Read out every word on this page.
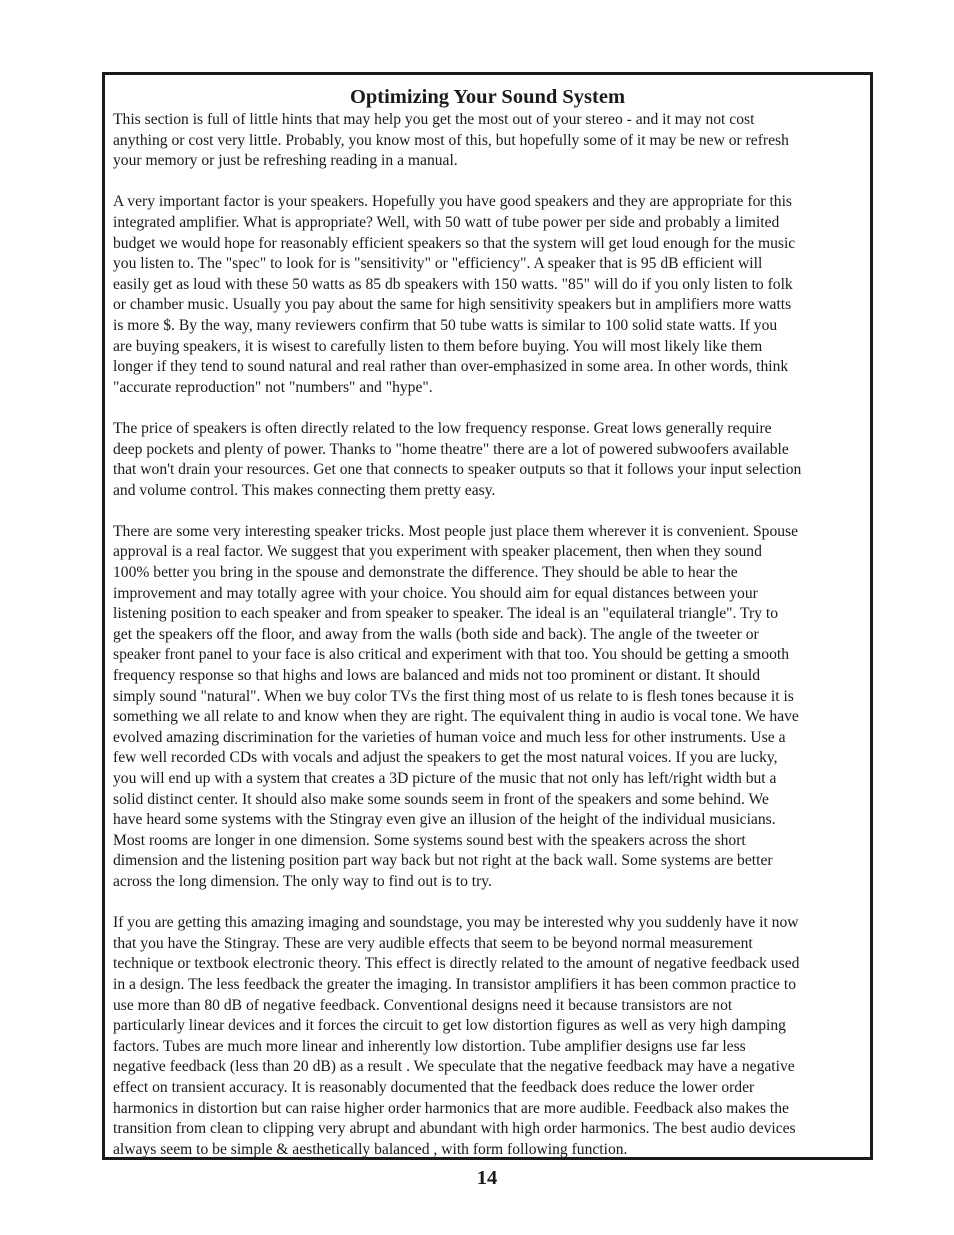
Optimizing Your Sound System

This section is full of little hints that may help you get the most out of your stereo - and it may not cost
anything or cost very little. Probably, you know most of this, but hopefully some of it may be new or refresh
your memory or just be refreshing reading in a manual.

A very important factor is your speakers. Hopefully you have good speakers and they are appropriate for this
integrated amplifier. What is appropriate? Well, with 50 watt of tube power per side and probably a limited
budget we would hope for reasonably efficient speakers so that the system will get loud enough for the music
you listen to. The "spec" to look for is "sensitivity" or "efficiency". A speaker that is 95 dB efficient will
easily get as loud with these 50 watts as 85 db speakers with 150 watts. "85" will do if you only listen to folk
or chamber music. Usually you pay about the same for high sensitivity speakers but in amplifiers more watts
is more $. By the way, many reviewers confirm that 50 tube watts is similar to 100 solid state watts. If you
are buying speakers, it is wisest to carefully listen to them before buying. You will most likely like them
longer if they tend to sound natural and real rather than over-emphasized in some area. In other words, think
"accurate reproduction" not "numbers" and "hype".

The price of speakers is often directly related to the low frequency response. Great lows generally require
deep pockets and plenty of power. Thanks to "home theatre" there are a lot of powered subwoofers available
that won't drain your resources. Get one that connects to speaker outputs so that it follows your input selection
and volume control. This makes connecting them pretty easy.

There are some very interesting speaker tricks. Most people just place them wherever it is convenient. Spouse
approval is a real factor. We suggest that you experiment with speaker placement, then when they sound
100% better you bring in the spouse and demonstrate the difference. They should be able to hear the
improvement and may totally agree with your choice. You should aim for equal distances between your
listening position to each speaker and from speaker to speaker. The ideal is an "equilateral triangle". Try to
get the speakers off the floor, and away from the walls (both side and back). The angle of the tweeter or
speaker front panel to your face is also critical and experiment with that too. You should be getting a smooth
frequency response so that highs and lows are balanced and mids not too prominent or distant. It should
simply sound "natural". When we buy color TVs the first thing most of us relate to is flesh tones because it is
something we all relate to and know when they are right. The equivalent thing in audio is vocal tone. We have
evolved amazing discrimination for the varieties of human voice and much less for other instruments. Use a
few well recorded CDs with vocals and adjust the speakers to get the most natural voices. If you are lucky,
you will end up with a system that creates a 3D picture of the music that not only has left/right width but a
solid distinct center. It should also make some sounds seem in front of the speakers and some behind. We
have heard some systems with the Stingray even give an illusion of the height of the individual musicians.
Most rooms are longer in one dimension. Some systems sound best with the speakers across the short
dimension and the listening position part way back but not right at the back wall. Some systems are better
across the long dimension. The only way to find out is to try.

If you are getting this amazing imaging and soundstage, you may be interested why you suddenly have it now
that you have the Stingray. These are very audible effects that seem to be beyond normal measurement
technique or textbook electronic theory. This effect is directly related to the amount of negative feedback used
in a design. The less feedback the greater the imaging. In transistor amplifiers it has been common practice to
use more than 80 dB of negative feedback. Conventional designs need it because transistors are not
particularly linear devices and it forces the circuit to get low distortion figures as well as very high damping
factors. Tubes are much more linear and inherently low distortion. Tube amplifier designs use far less
negative feedback (less than 20 dB) as a result . We speculate that the negative feedback may have a negative
effect on transient accuracy. It is reasonably documented that the feedback does reduce the lower order
harmonics in distortion but can raise higher order harmonics that are more audible. Feedback also makes the
transition from clean to clipping very abrupt and abundant with high order harmonics. The best audio devices
always seem to be simple & aesthetically balanced , with form following function.

14
